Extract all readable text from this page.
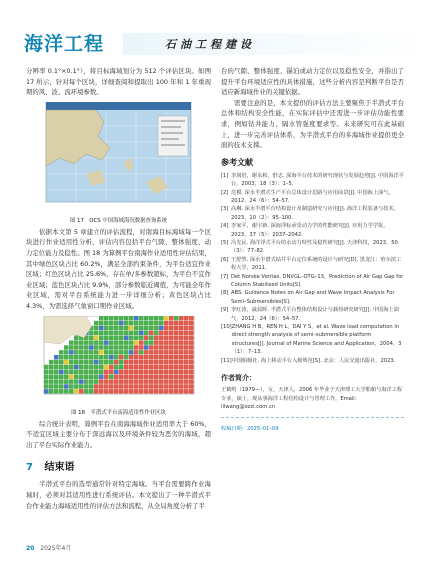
海洋工程	石油工程建设

分辨率 0.1°×0.1°），将目标海域划分为 512 个评估区块。如图 17 所示，针对每个区块，详细查阅和提取出 100 年和 1 年重现期的风、波、流环境参数。

图 17　OCS 中国海域海况数据查询系统

依据本文第 5 章建立的评估流程，对南海目标海域每一个区块进行作业适用性分析，评估内容包括平台气隙、整体强度、动力定位能力及稳性。图 18 为算例平台南海作业适用性评估结果，其中绿色区块占比 60.2%，满足全部约束条件，为平台适宜作业区域；红色区块占比 25.6%，存在单/多参数超标，为平台不宜作业区域；蓝色区块占比 9.9%，部分参数临近阈值，为可能全年作业区域，需对平台系统能力进一步详细分析；黄色区块占比 4.3%，为需选择气象窗口期作业区域。

图 18　半潜式平台南海适用性作业区块

综合统计表明，算例平台在南海海域作业适用率大于 60%，不适宜区域主要分布于深远海以及环境条件较为恶劣的海域，超出了平台实际作业能力。

7 结束语

半潜式平台的选型通常针对特定海域。当平台需要跨作业海域时，必须对其适用性进行系统评估。本文提出了一种半潜式平台作业能力海域适用性的评估方法和流程，从全局角度分析了半

台的气隙、整体强度、锚泊或动力定位以及稳性安全，并指出了提升平台环境适应性的具体措施，这些分析内容是判断平台是否适应新海域作业的关键依据。

需要注意的是，本文提供的评估方法主要聚焦于半潜式平台总体和结构安全性能，在实际评估中还需进一步评估功能性要求，例如钻井能力、隔水管强度要求等。未来研究可在此基础上，进一步完善评估体系，为半潜式平台的多海域作业提供更全面的技术支撑。

参考文献
[1] 李润培，谢永和，舒志. 深海平台技术的研究现状与发展趋势[J]. 中国海洋平台，2003，18（3）：1–5.
[2] 范模. 深水半潜式生产平台总体设计思路与应用前景[J]. 中国海上油气，2012，24（6）：54–57.
[3] 高琳. 深水半潜平台结构设计及制造研究与应用[J]. 海洋工程装备与技术，2023，10（2）：95–100.
[4] 李家平，谢宇新. 深海浮标承受动力学的性能研究[J]. 应用力学学报，2023，37（5）：2037–2042.
[5] 冯先民. 海洋浮式平台的水动力特性及稳性研究[J]. 天津科技，2023，50（3）：77–82.
[6] 王舒然. 深水半潜式钻井平台定位系统的设计与研究[D]. 黑龙江：哈尔滨工程大学，2011.
[7] Det Norske Veritas. DNVGL–OTG–13，Prediction of Air Gap Gap for Column Stabilised Units[S].
[8] ABS. Guidance Notes on Air Gap and Wave Impact Analysis For Semi–Submersibles[S].
[9] 李红涛，戚晨晖. 半潜式平台整体结构设计与载荷研究研究[J]. 中国海上油气，2012，24（6）：54–57.
[10] ZHANG H B，REN H L，DAI Y S，et al. Wave load computation in direct strength analysis of semi–submersible platform structures[J]. Journal of Marine Science and Application，2004，3（1）：7–13.
[11] 中国船级社. 海上移动平台入级规范[S]. 北京：人民交通出版社，2023.
作者简介：
王鹤鸣（1979—），女，天津人，2006 年毕业于天津理工大学船舶与海洋工程专业，硕士，现从事海洋工程结构设计与管理工作。Email：lilwang@ozzi.com.cn
收稿日期：2025–01–09
20 2025年4月
